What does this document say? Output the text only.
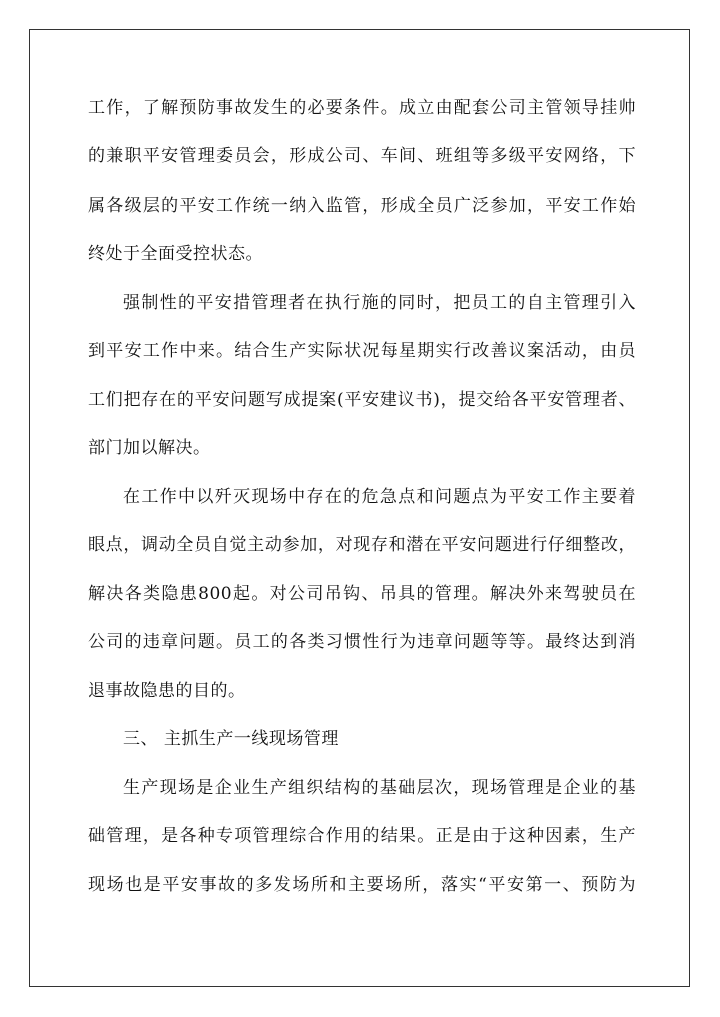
工作，了解预防事故发生的必要条件。成立由配套公司主管领导挂帅
的兼职平安管理委员会，形成公司、车间、班组等多级平安网络，下
属各级层的平安工作统一纳入监管，形成全员广泛参加，平安工作始
终处于全面受控状态。
强制性的平安措管理者在执行施的同时，把员工的自主管理引入
到平安工作中来。结合生产实际状况每星期实行改善议案活动，由员
工们把存在的平安问题写成提案(平安建议书)，提交给各平安管理者、
部门加以解决。
在工作中以歼灭现场中存在的危急点和问题点为平安工作主要着
眼点，调动全员自觉主动参加，对现存和潜在平安问题进行仔细整改，
解决各类隐患800起。对公司吊钩、吊具的管理。解决外来驾驶员在
公司的违章问题。员工的各类习惯性行为违章问题等等。最终达到消
退事故隐患的目的。
三、 主抓生产一线现场管理
生产现场是企业生产组织结构的基础层次，现场管理是企业的基
础管理，是各种专项管理综合作用的结果。正是由于这种因素，生产
现场也是平安事故的多发场所和主要场所，落实“平安第一、预防为
